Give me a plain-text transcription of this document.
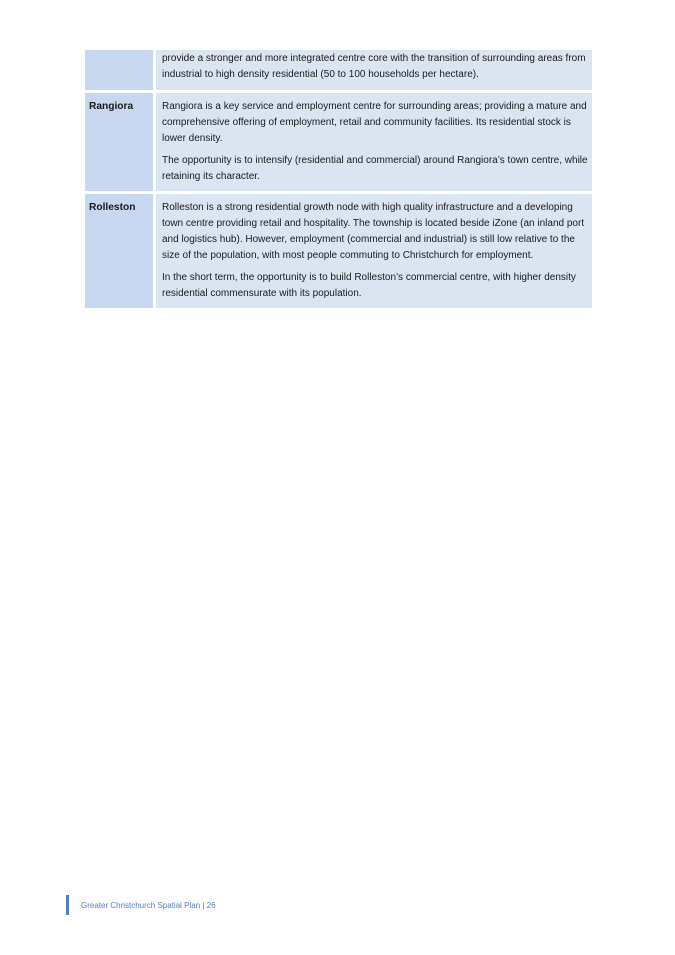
provide a stronger and more integrated centre core with the transition of surrounding areas from industrial to high density residential (50 to 100 households per hectare).

Rangiora	Rangiora is a key service and employment centre for surrounding areas; providing a mature and comprehensive offering of employment, retail and community facilities. Its residential stock is lower density.

The opportunity is to intensify (residential and commercial) around Rangiora’s town centre, while retaining its character.

Rolleston	Rolleston is a strong residential growth node with high quality infrastructure and a developing town centre providing retail and hospitality. The township is located beside iZone (an inland port and logistics hub). However, employment (commercial and industrial) is still low relative to the size of the population, with most people commuting to Christchurch for employment.

In the short term, the opportunity is to build Rolleston’s commercial centre, with higher density residential commensurate with its population.

Greater Christchurch Spatial Plan | 26
